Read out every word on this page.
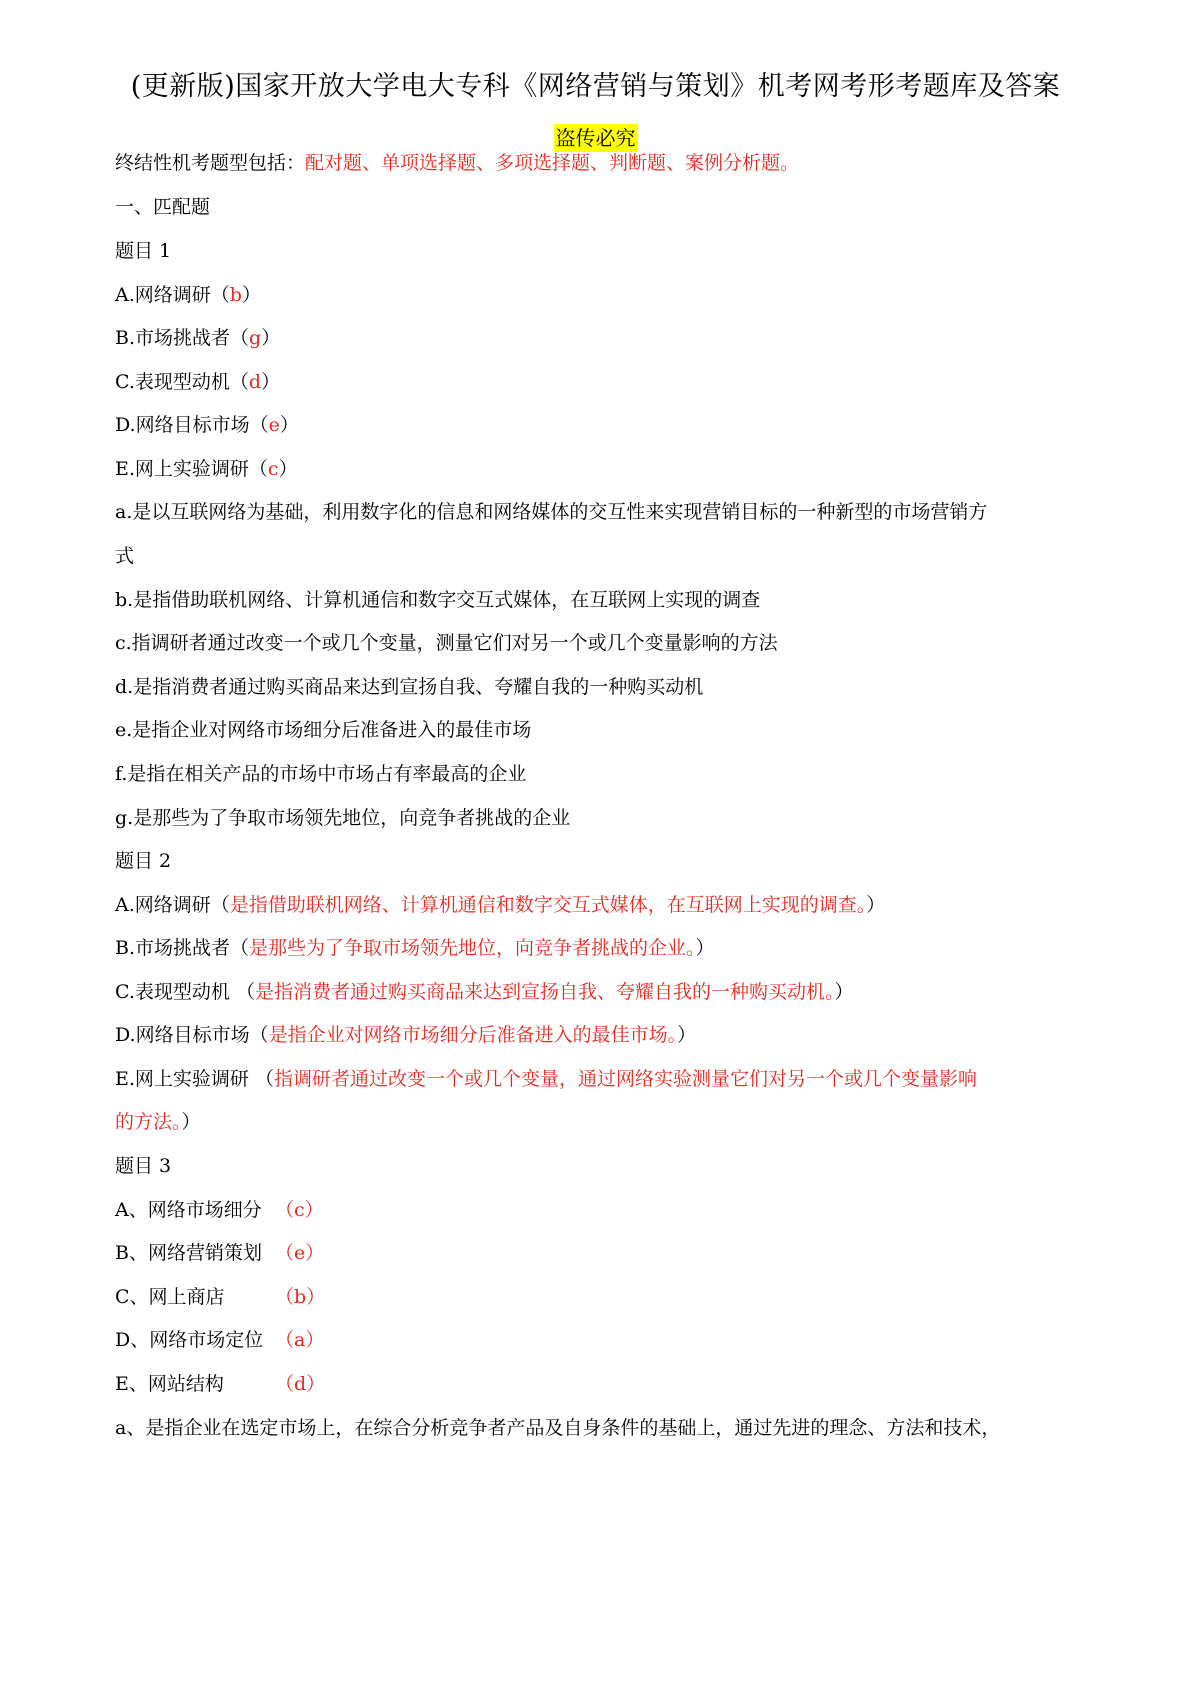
(更新版)国家开放大学电大专科《网络营销与策划》机考网考形考题库及答案
盗传必究
终结性机考题型包括：配对题、单项选择题、多项选择题、判断题、案例分析题。
一、匹配题
题目 1
A.网络调研（b）
B.市场挑战者（g）
C.表现型动机（d）
D.网络目标市场（e）
E.网上实验调研（c）
a.是以互联网络为基础，利用数字化的信息和网络媒体的交互性来实现营销目标的一种新型的市场营销方
式
b.是指借助联机网络、计算机通信和数字交互式媒体，在互联网上实现的调查
c.指调研者通过改变一个或几个变量，测量它们对另一个或几个变量影响的方法
d.是指消费者通过购买商品来达到宣扬自我、夸耀自我的一种购买动机
e.是指企业对网络市场细分后准备进入的最佳市场
f.是指在相关产品的市场中市场占有率最高的企业
g.是那些为了争取市场领先地位，向竞争者挑战的企业
题目 2
A.网络调研（是指借助联机网络、计算机通信和数字交互式媒体，在互联网上实现的调查。）
B.市场挑战者（是那些为了争取市场领先地位，向竞争者挑战的企业。）
C.表现型动机 （是指消费者通过购买商品来达到宣扬自我、夸耀自我的一种购买动机。）
D.网络目标市场（是指企业对网络市场细分后准备进入的最佳市场。）
E.网上实验调研 （指调研者通过改变一个或几个变量，通过网络实验测量它们对另一个或几个变量影响
的方法。）
题目 3
A、网络市场细分 （c）
B、网络营销策划 （e）
C、网上商店	（b）
D、网络市场定位 （a）
E、网站结构	（d）
a、是指企业在选定市场上，在综合分析竞争者产品及自身条件的基础上，通过先进的理念、方法和技术，
